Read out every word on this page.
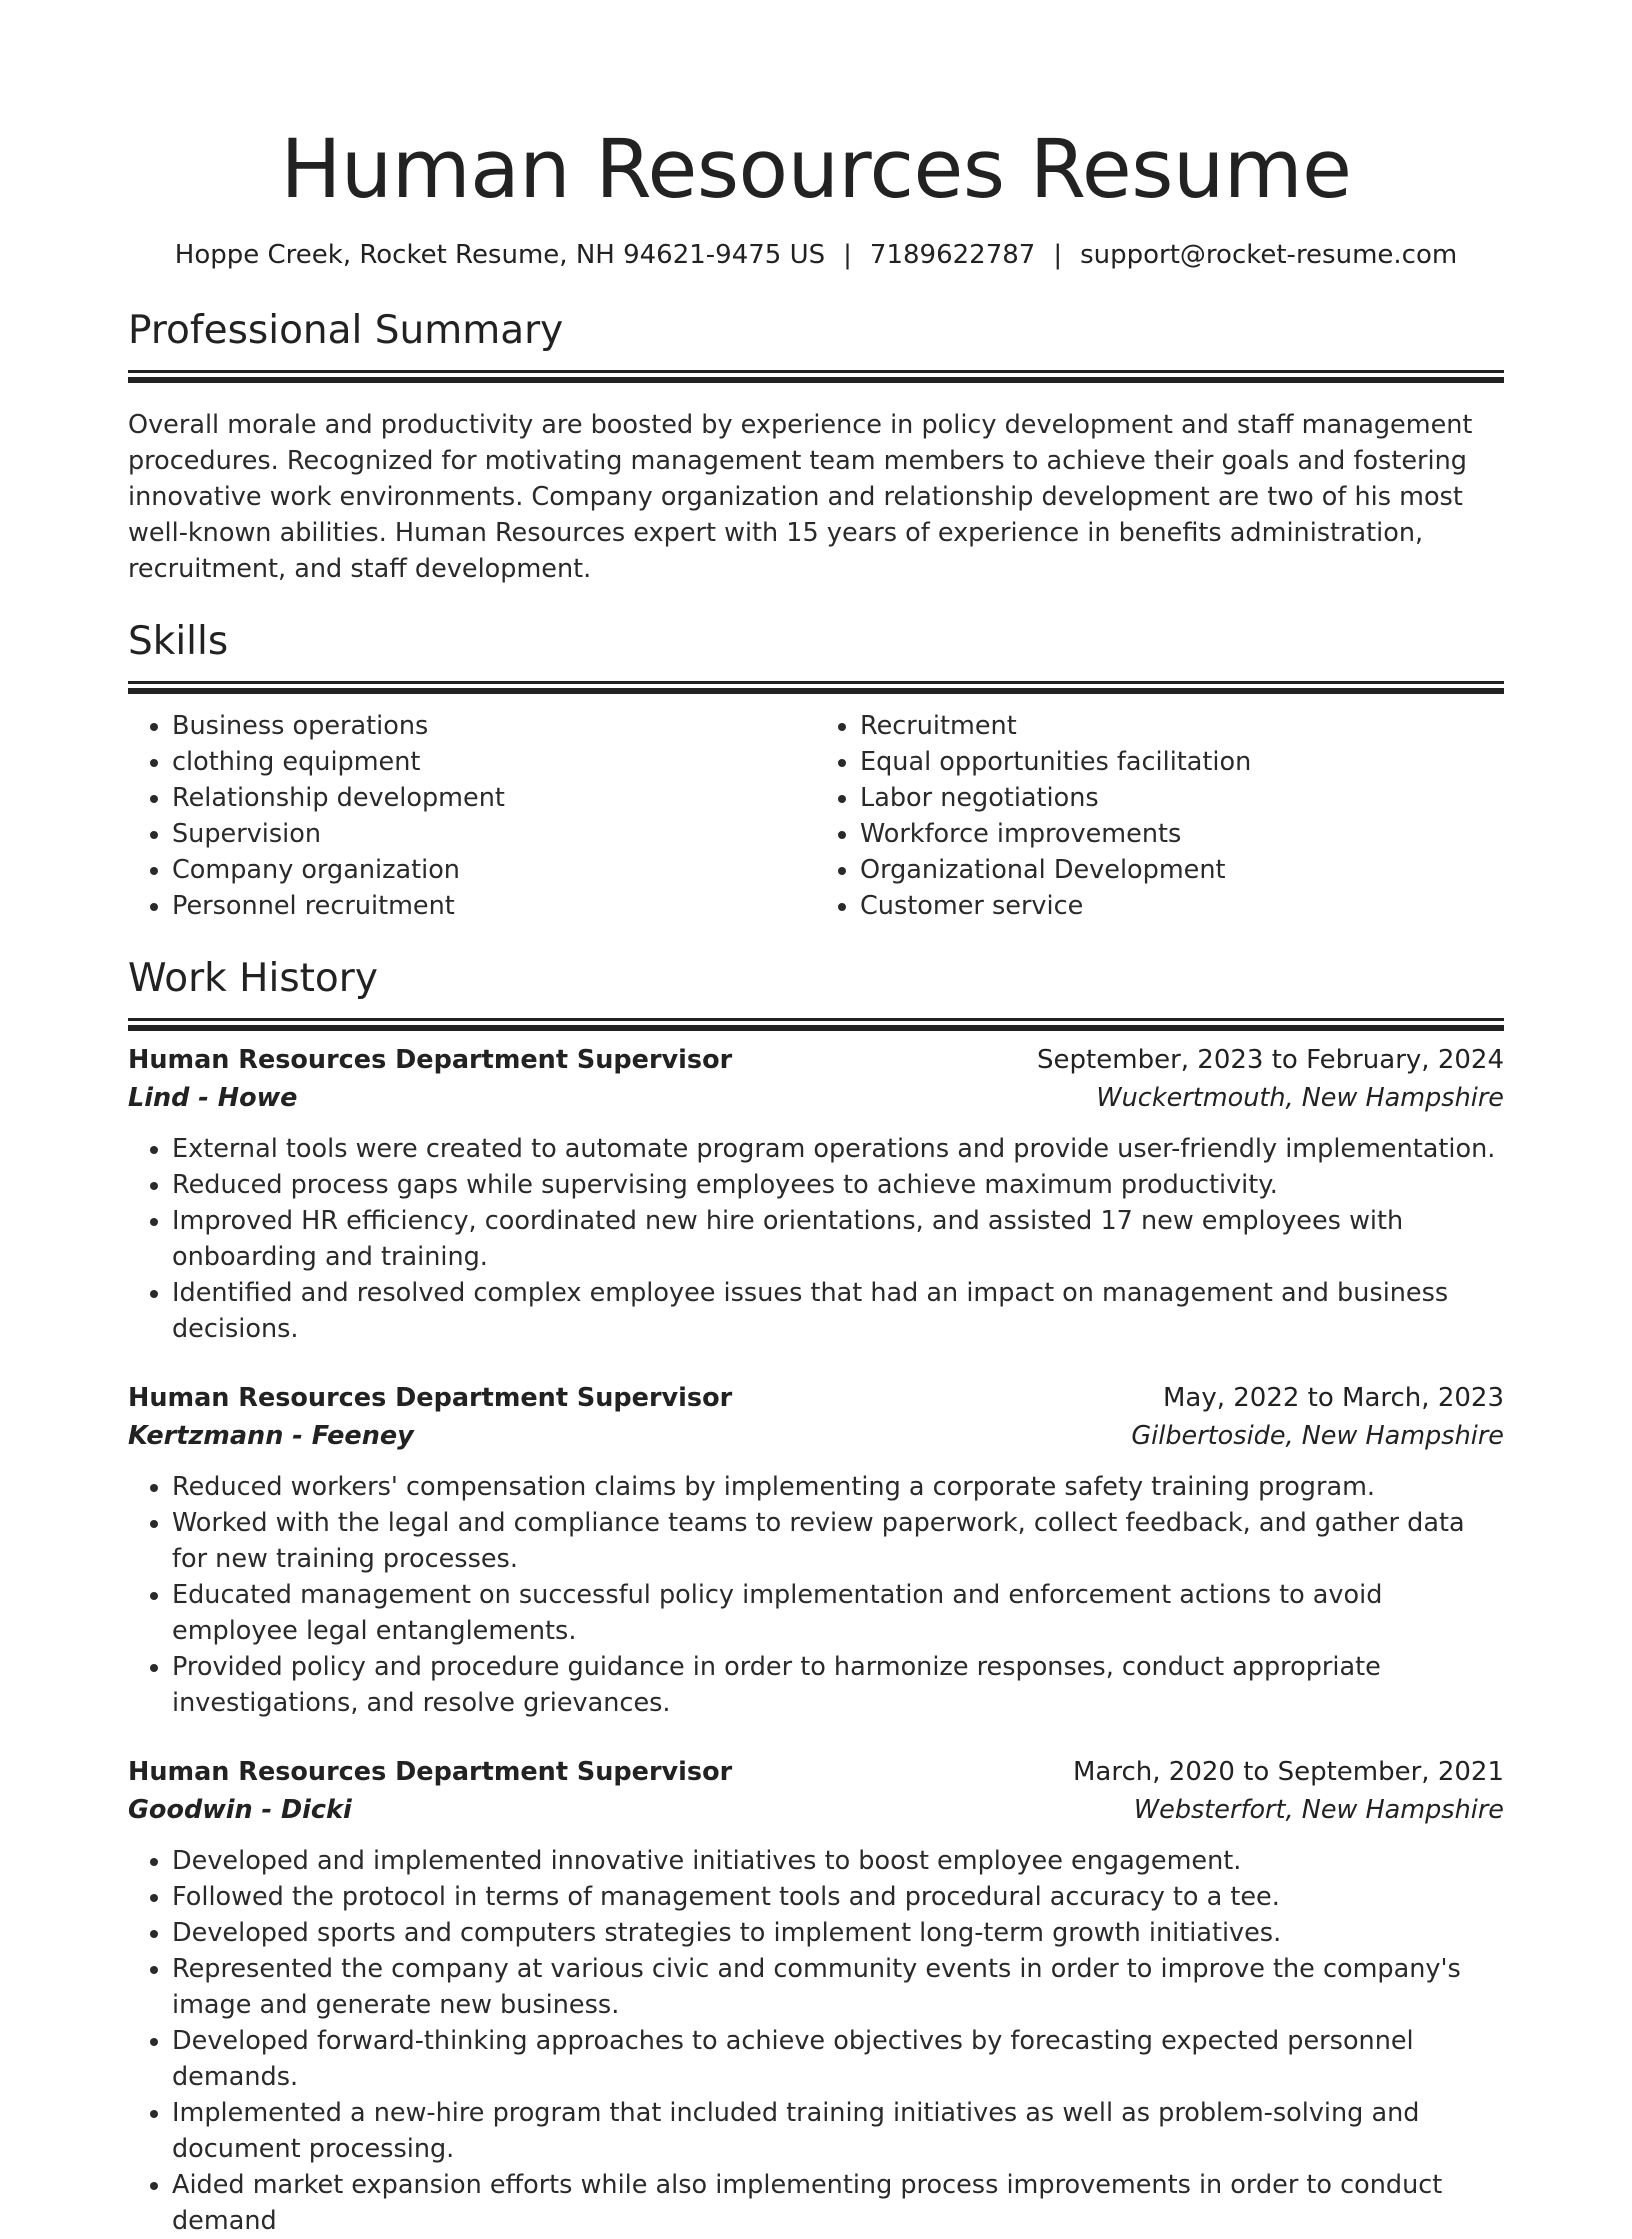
Human Resources Resume
Hoppe Creek, Rocket Resume, NH 94621-9475 US | 7189622787 | support@rocket-resume.com
Professional Summary
Overall morale and productivity are boosted by experience in policy development and staff management procedures. Recognized for motivating management team members to achieve their goals and fostering innovative work environments. Company organization and relationship development are two of his most well-known abilities. Human Resources expert with 15 years of experience in benefits administration, recruitment, and staff development.
Skills
• Business operations
• clothing equipment
• Relationship development
• Supervision
• Company organization
• Personnel recruitment
• Recruitment
• Equal opportunities facilitation
• Labor negotiations
• Workforce improvements
• Organizational Development
• Customer service
Work History
Human Resources Department Supervisor	September, 2023 to February, 2024
Lind - Howe	Wuckertmouth, New Hampshire
• External tools were created to automate program operations and provide user-friendly implementation.
• Reduced process gaps while supervising employees to achieve maximum productivity.
• Improved HR efficiency, coordinated new hire orientations, and assisted 17 new employees with onboarding and training.
• Identified and resolved complex employee issues that had an impact on management and business decisions.
Human Resources Department Supervisor	May, 2022 to March, 2023
Kertzmann - Feeney	Gilbertoside, New Hampshire
• Reduced workers' compensation claims by implementing a corporate safety training program.
• Worked with the legal and compliance teams to review paperwork, collect feedback, and gather data for new training processes.
• Educated management on successful policy implementation and enforcement actions to avoid employee legal entanglements.
• Provided policy and procedure guidance in order to harmonize responses, conduct appropriate investigations, and resolve grievances.
Human Resources Department Supervisor	March, 2020 to September, 2021
Goodwin - Dicki	Websterfort, New Hampshire
• Developed and implemented innovative initiatives to boost employee engagement.
• Followed the protocol in terms of management tools and procedural accuracy to a tee.
• Developed sports and computers strategies to implement long-term growth initiatives.
• Represented the company at various civic and community events in order to improve the company's image and generate new business.
• Developed forward-thinking approaches to achieve objectives by forecasting expected personnel demands.
• Implemented a new-hire program that included training initiatives as well as problem-solving and document processing.
• Aided market expansion efforts while also implementing process improvements in order to conduct demand
